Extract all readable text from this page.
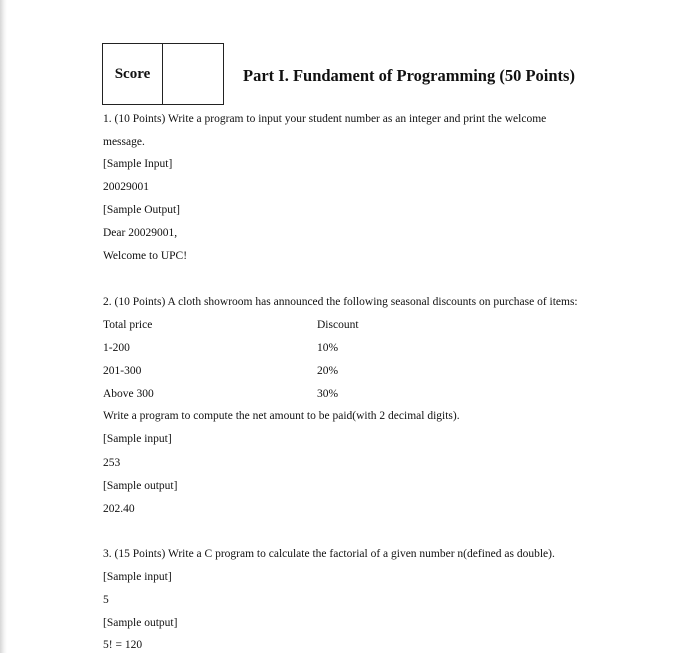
Score	Part I. Fundament of Programming (50 Points)
1. (10 Points) Write a program to input your student number as an integer and print the welcome
message.
[Sample Input]
20029001
[Sample Output]
Dear 20029001,
Welcome to UPC!
2. (10 Points) A cloth showroom has announced the following seasonal discounts on purchase of items:
Total price	Discount
1-200	10%
201-300	20%
Above 300	30%
Write a program to compute the net amount to be paid(with 2 decimal digits).
[Sample input]
253
[Sample output]
202.40
3. (15 Points) Write a C program to calculate the factorial of a given number n(defined as double).
[Sample input]
5
[Sample output]
5! = 120
